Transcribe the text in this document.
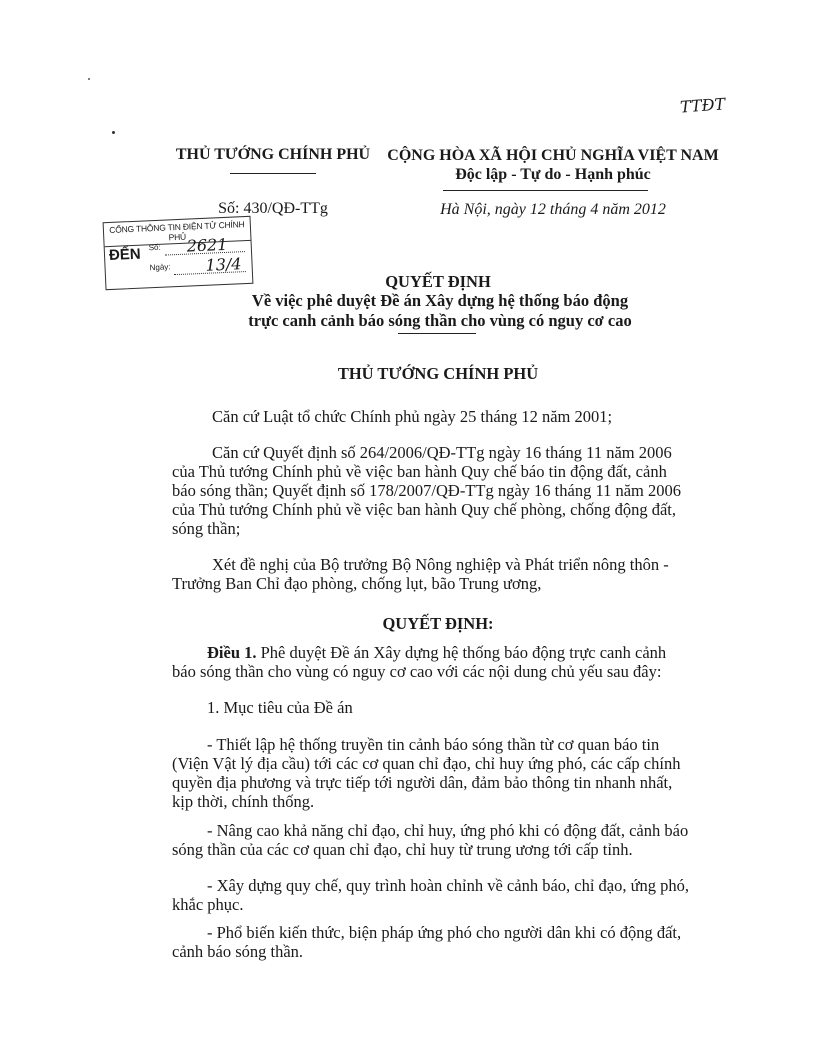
TTĐT
THỦ TƯỚNG CHÍNH PHỦ
Số: 430/QĐ-TTg
CỘNG HÒA XÃ HỘI CHỦ NGHĨA VIỆT NAM
Độc lập - Tự do - Hạnh phúc
Hà Nội, ngày 12 tháng 4 năm 2012
CỔNG THÔNG TIN ĐIỆN TỬ CHÍNH PHỦ
ĐẾN Số: 2621
Ngày: 13/4
QUYẾT ĐỊNH
Về việc phê duyệt Đề án Xây dựng hệ thống báo động
trực canh cảnh báo sóng thần cho vùng có nguy cơ cao
THỦ TƯỚNG CHÍNH PHỦ
Căn cứ Luật tổ chức Chính phủ ngày 25 tháng 12 năm 2001;
Căn cứ Quyết định số 264/2006/QĐ-TTg ngày 16 tháng 11 năm 2006
của Thủ tướng Chính phủ về việc ban hành Quy chế báo tin động đất, cảnh
báo sóng thần; Quyết định số 178/2007/QĐ-TTg ngày 16 tháng 11 năm 2006
của Thủ tướng Chính phủ về việc ban hành Quy chế phòng, chống động đất,
sóng thần;
Xét đề nghị của Bộ trưởng Bộ Nông nghiệp và Phát triển nông thôn -
Trưởng Ban Chỉ đạo phòng, chống lụt, bão Trung ương,
QUYẾT ĐỊNH:
Điều 1. Phê duyệt Đề án Xây dựng hệ thống báo động trực canh cảnh
báo sóng thần cho vùng có nguy cơ cao với các nội dung chủ yếu sau đây:
1. Mục tiêu của Đề án
- Thiết lập hệ thống truyền tin cảnh báo sóng thần từ cơ quan báo tin
(Viện Vật lý địa cầu) tới các cơ quan chỉ đạo, chỉ huy ứng phó, các cấp chính
quyền địa phương và trực tiếp tới người dân, đảm bảo thông tin nhanh nhất,
kịp thời, chính thống.
- Nâng cao khả năng chỉ đạo, chỉ huy, ứng phó khi có động đất, cảnh báo
sóng thần của các cơ quan chỉ đạo, chỉ huy từ trung ương tới cấp tỉnh.
- Xây dựng quy chế, quy trình hoàn chỉnh về cảnh báo, chỉ đạo, ứng phó,
khắc phục.
- Phổ biến kiến thức, biện pháp ứng phó cho người dân khi có động đất,
cảnh báo sóng thần.
